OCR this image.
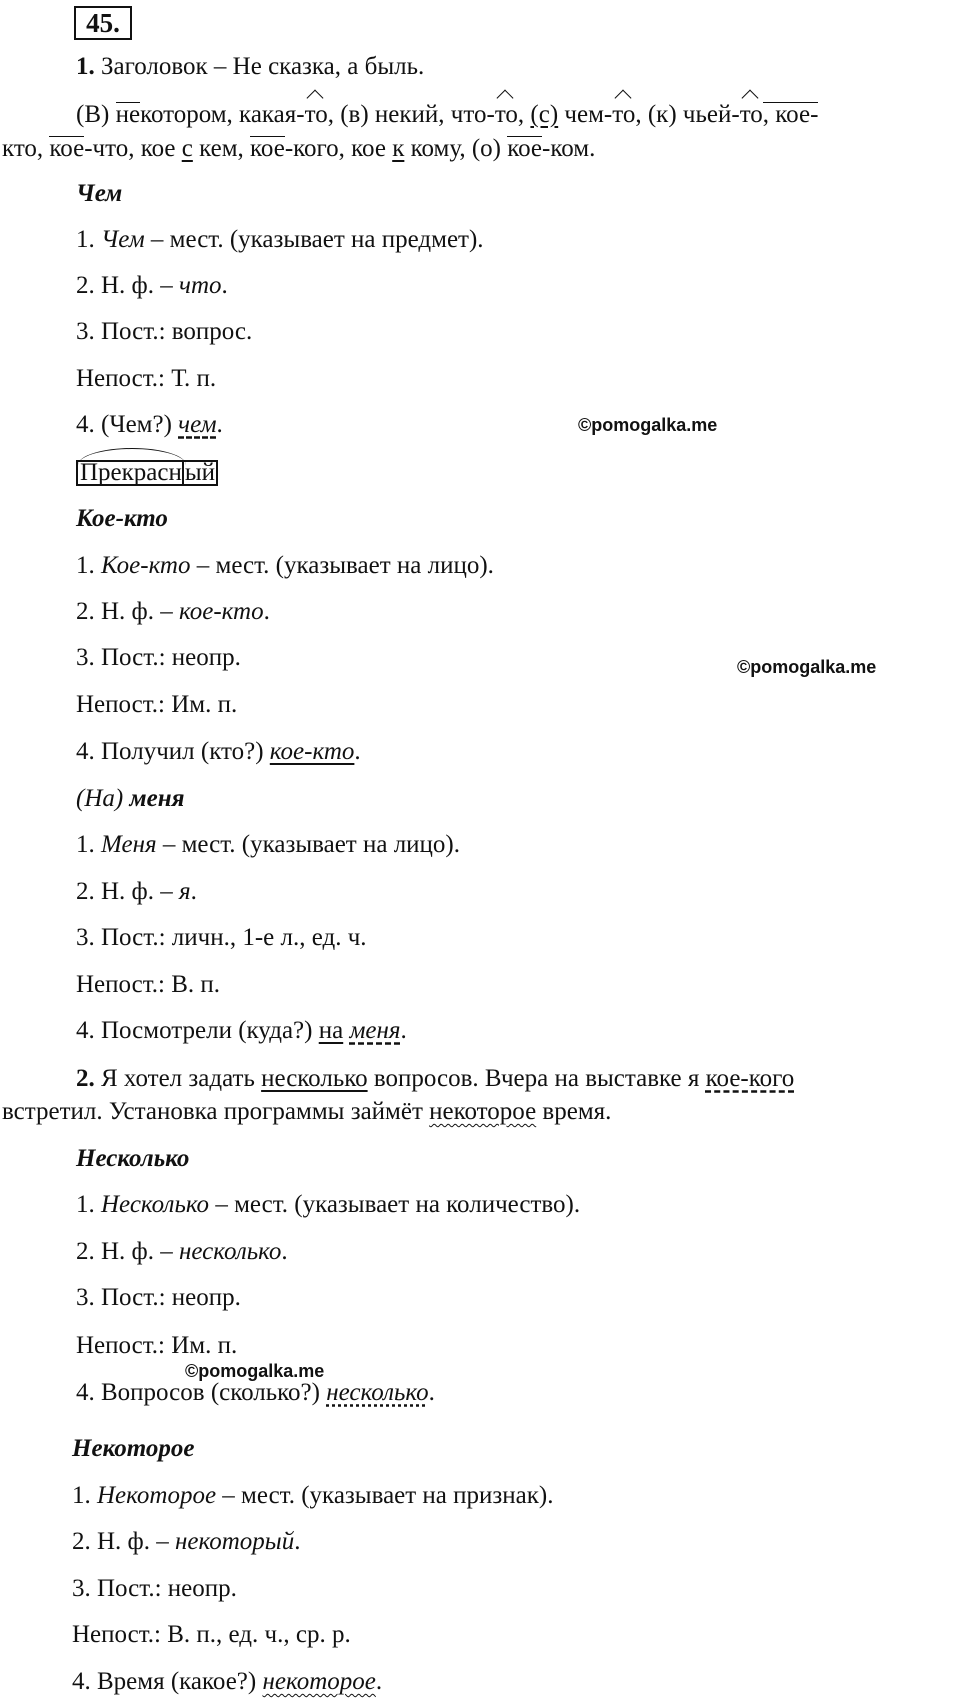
45.
1. Заголовок – Не сказка, а быль.
(В) некотором, какая-то, (в) некий, что-то, (с) чем-то, (к) чьей-то, кое-
кто, кое-что, кое с кем, кое-кого, кое к кому, (о) кое-ком.
Чем
1. Чем – мест. (указывает на предмет).
2. Н. ф. – что.
3. Пост.: вопрос.
Непост.: Т. п.
4. (Чем?) чем.	©pomogalka.me
Прекрасн ый
Кое-кто
1. Кое-кто – мест. (указывает на лицо).
2. Н. ф. – кое-кто.
3. Пост.: неопр.	©pomogalka.me
Непост.: Им. п.
4. Получил (кто?) кое-кто.
(На) меня
1. Меня – мест. (указывает на лицо).
2. Н. ф. – я.
3. Пост.: личн., 1-е л., ед. ч.
Непост.: В. п.
4. Посмотрели (куда?) на меня.
2. Я хотел задать несколько вопросов. Вчера на выставке я кое-кого
встретил. Установка программы займёт некоторое время.
Несколько
1. Несколько – мест. (указывает на количество).
2. Н. ф. – несколько.
3. Пост.: неопр.
Непост.: Им. п.
©pomogalka.me
4. Вопросов (сколько?) несколько.
Некоторое
1. Некоторое – мест. (указывает на признак).
2. Н. ф. – некоторый.
3. Пост.: неопр.
Непост.: В. п., ед. ч., ср. р.
4. Время (какое?) некоторое.
